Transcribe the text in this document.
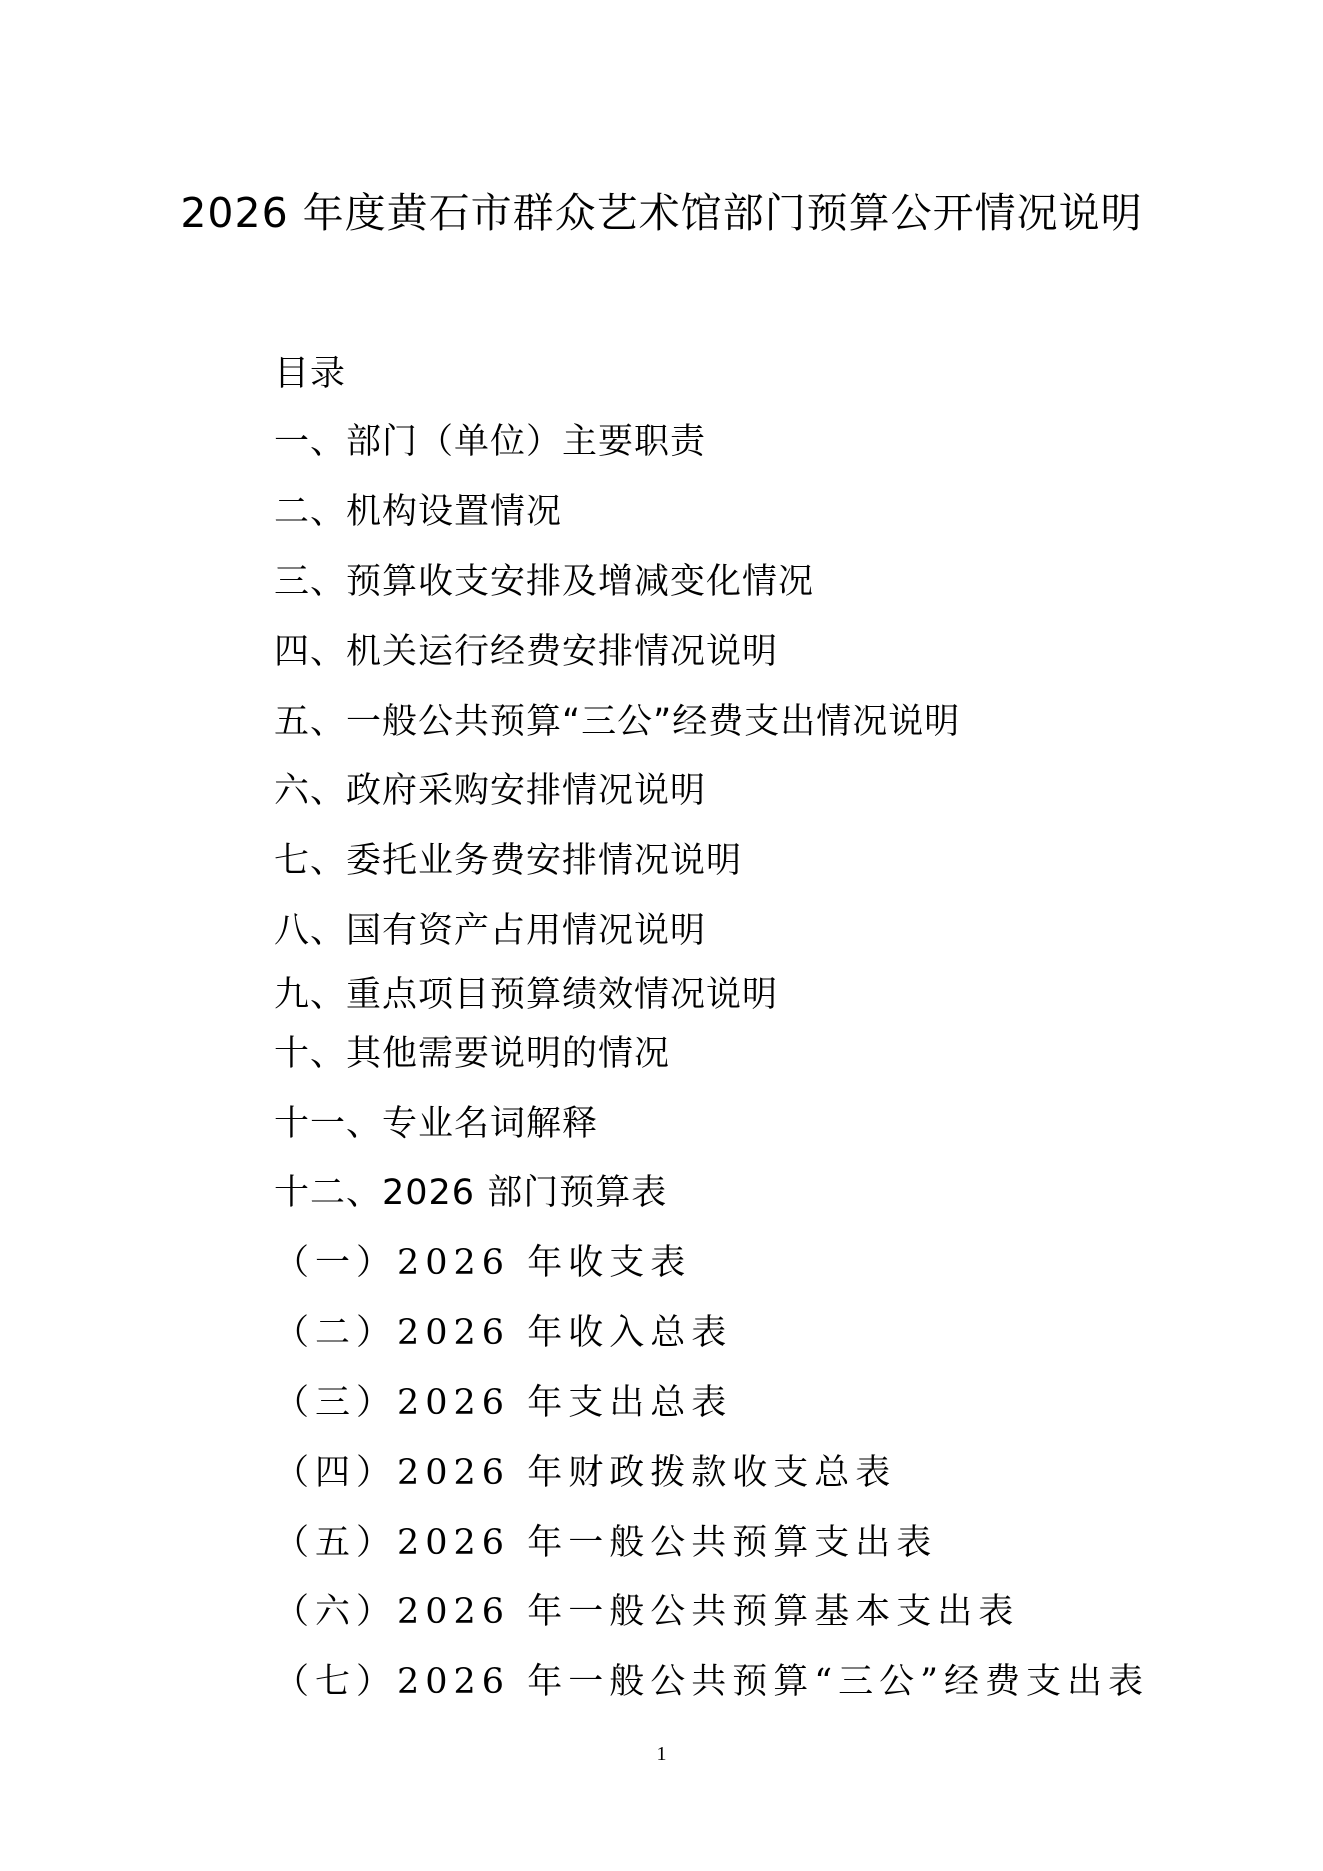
2026 年度黄石市群众艺术馆部门预算公开情况说明
目录
一、部门（单位）主要职责
二、机构设置情况
三、预算收支安排及增减变化情况
四、机关运行经费安排情况说明
五、一般公共预算“三公”经费支出情况说明
六、政府采购安排情况说明
七、委托业务费安排情况说明
八、国有资产占用情况说明
九、重点项目预算绩效情况说明
十、其他需要说明的情况
十一、专业名词解释
十二、2026 部门预算表
（一）2026 年收支表
（二）2026 年收入总表
（三）2026 年支出总表
（四）2026 年财政拨款收支总表
（五）2026 年一般公共预算支出表
（六）2026 年一般公共预算基本支出表
（七）2026 年一般公共预算“三公”经费支出表
1
